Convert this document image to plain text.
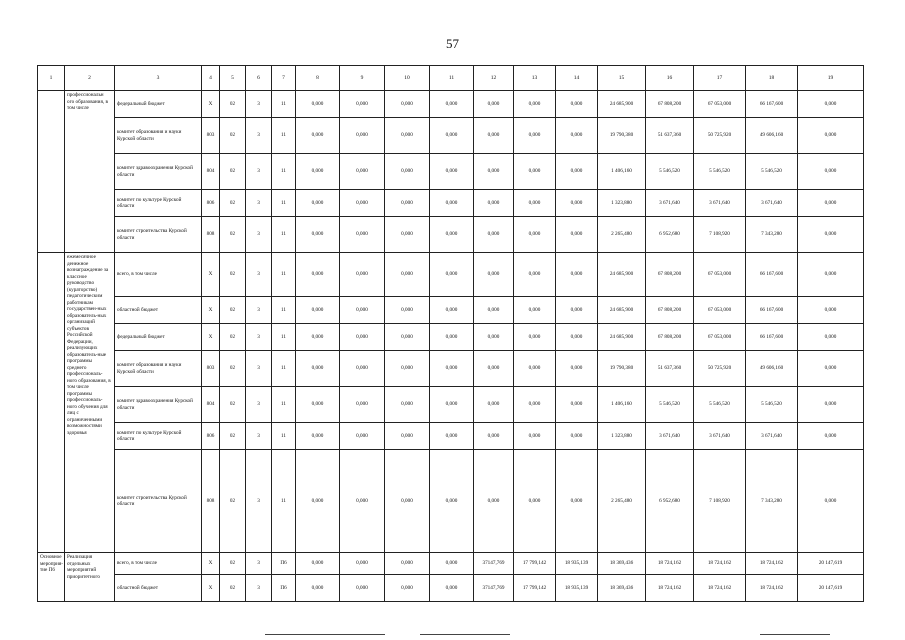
57
1	2	3	4	5	6	7	8	9	10	11	12	13	14	15	16	17	18	19
	профессиональн ого образования, в том числе	федеральный бюджет	X	02	3	11	0,000	0,000	0,000	0,000	0,000	0,000	0,000	24 685,900	67 808,200	67 053,000	66 167,600	0,000
		комитет образования и науки Курской области	803	02	3	11	0,000	0,000	0,000	0,000	0,000	0,000	0,000	19 790,380	51 637,360	50 725,920	49 606,160	0,000
		комитет здравоохранения Курской области	804	02	3	11	0,000	0,000	0,000	0,000	0,000	0,000	0,000	1 406,160	5 546,520	5 546,520	5 546,520	0,000
		комитет по культуре Курской области	806	02	3	11	0,000	0,000	0,000	0,000	0,000	0,000	0,000	1 323,880	3 671,640	3 671,640	3 671,640	0,000
		комитет строительства Курской области	808	02	3	11	0,000	0,000	0,000	0,000	0,000	0,000	0,000	2 265,480	6 952,680	7 108,920	7 343,280	0,000
	ежемесячное денежное вознаграждение за классное руководство (кураторство) педагогическим работникам государствен-ных образователь-ных организаций субъектов Российской Федерации, реализующих образователь-ные программы среднего профессиональ-ного образования, в том числе программы профессиональ-ного обучения для лиц с ограниченными возможностями здоровья	всего, в том числе	X	02	3	11	0,000	0,000	0,000	0,000	0,000	0,000	0,000	24 685,900	67 808,200	67 053,000	66 167,600	0,000
		областной бюджет	X	02	3	11	0,000	0,000	0,000	0,000	0,000	0,000	0,000	24 685,900	67 808,200	67 053,000	66 167,600	0,000
		федеральный бюджет	X	02	3	11	0,000	0,000	0,000	0,000	0,000	0,000	0,000	24 685,900	67 808,200	67 053,000	66 167,600	0,000
		комитет образования и науки Курской области	803	02	3	11	0,000	0,000	0,000	0,000	0,000	0,000	0,000	19 790,380	51 637,360	50 725,920	49 606,160	0,000
		комитет здравоохранения Курской области	804	02	3	11	0,000	0,000	0,000	0,000	0,000	0,000	0,000	1 406,160	5 546,520	5 546,520	5 546,520	0,000
		комитет по культуре Курской области	806	02	3	11	0,000	0,000	0,000	0,000	0,000	0,000	0,000	1 323,880	3 671,640	3 671,640	3 671,640	0,000
		комитет строительства Курской области	808	02	3	11	0,000	0,000	0,000	0,000	0,000	0,000	0,000	2 265,480	6 952,680	7 108,920	7 343,280	0,000
Основное мероприя-тие П6	Реализация отдельных мероприятий приоритетного	всего, в том числе	X	02	3	П6	0,000	0,000	0,000	0,000	37147,769	17 799,142	18 935,139	18 369,436	18 724,162	18 724,162	18 724,162	20 147,619
		областной бюджет	X	02	3	П6	0,000	0,000	0,000	0,000	37147,769	17 799,142	18 935,139	18 369,436	18 724,162	18 724,162	18 724,162	20 147,619
